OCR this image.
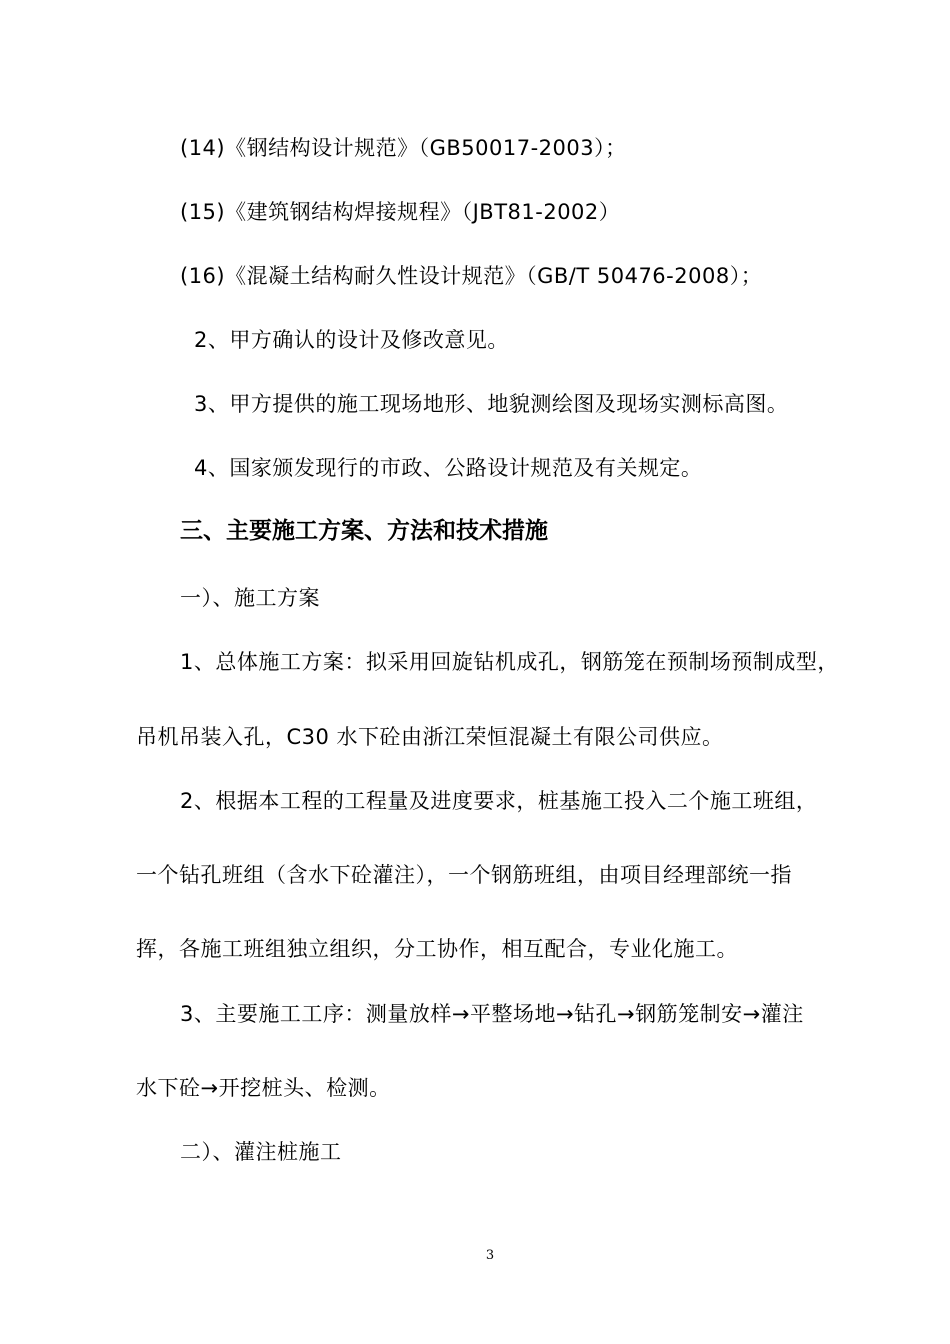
(14)《钢结构设计规范》（GB50017-2003）；
(15)《建筑钢结构焊接规程》（JBT81-2002）
(16)《混凝土结构耐久性设计规范》（GB/T 50476-2008）；
2、甲方确认的设计及修改意见。
3、甲方提供的施工现场地形、地貌测绘图及现场实测标高图。
4、国家颁发现行的市政、公路设计规范及有关规定。
三、主要施工方案、方法和技术措施
一）、施工方案
1、总体施工方案：拟采用回旋钻机成孔，钢筋笼在预制场预制成型，
吊机吊装入孔，C30 水下砼由浙江荣恒混凝土有限公司供应。
2、根据本工程的工程量及进度要求，桩基施工投入二个施工班组，
一个钻孔班组（含水下砼灌注），一个钢筋班组，由项目经理部统一指
挥，各施工班组独立组织，分工协作，相互配合，专业化施工。
3、主要施工工序：测量放样→平整场地→钻孔→钢筋笼制安→灌注
水下砼→开挖桩头、检测。
二）、灌注桩施工
3
